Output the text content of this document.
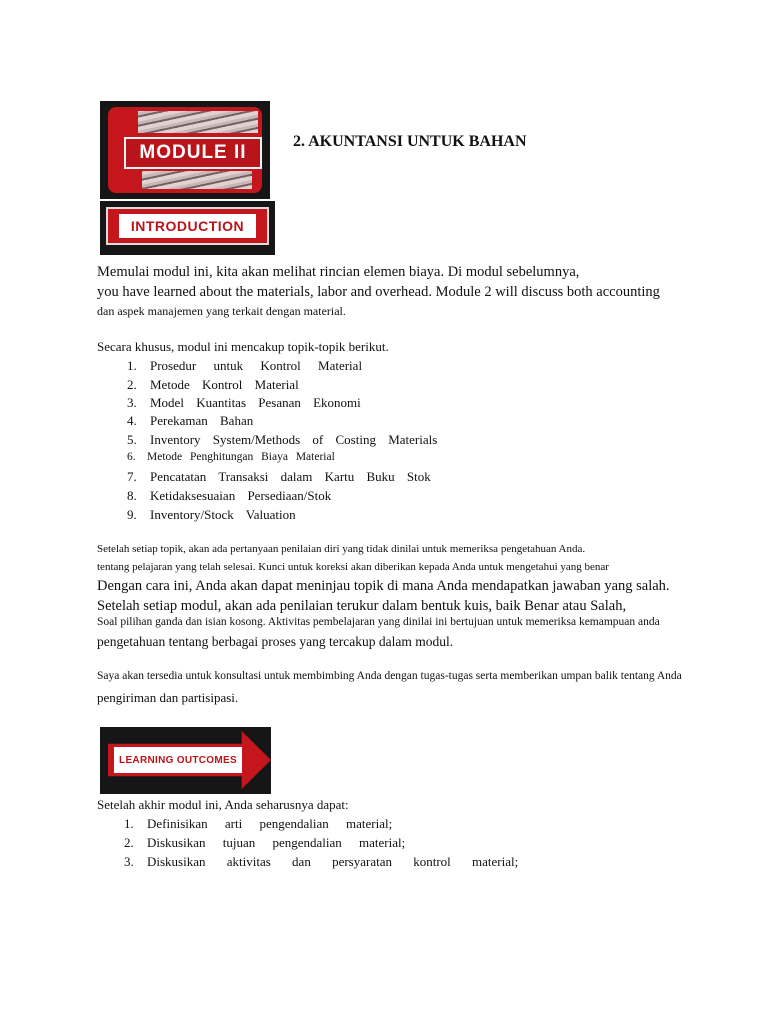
MODULE II
INTRODUCTION
2. AKUNTANSI UNTUK BAHAN
Memulai modul ini, kita akan melihat rincian elemen biaya. Di modul sebelumnya,
you have learned about the materials, labor and overhead. Module 2 will discuss both accounting
dan aspek manajemen yang terkait dengan material.
Secara khusus, modul ini mencakup topik-topik berikut.
1. Prosedur untuk Kontrol Material
2. Metode Kontrol Material
3. Model Kuantitas Pesanan Ekonomi
4. Perekaman Bahan
5. Inventory System/Methods of Costing Materials
6. Metode Penghitungan Biaya Material
7. Pencatatan Transaksi dalam Kartu Buku Stok
8. Ketidaksesuaian Persediaan/Stok
9. Inventory/Stock Valuation
Setelah setiap topik, akan ada pertanyaan penilaian diri yang tidak dinilai untuk memeriksa pengetahuan Anda.
tentang pelajaran yang telah selesai. Kunci untuk koreksi akan diberikan kepada Anda untuk mengetahui yang benar
Dengan cara ini, Anda akan dapat meninjau topik di mana Anda mendapatkan jawaban yang salah.
Setelah setiap modul, akan ada penilaian terukur dalam bentuk kuis, baik Benar atau Salah,
Soal pilihan ganda dan isian kosong. Aktivitas pembelajaran yang dinilai ini bertujuan untuk memeriksa kemampuan anda
pengetahuan tentang berbagai proses yang tercakup dalam modul.
Saya akan tersedia untuk konsultasi untuk membimbing Anda dengan tugas-tugas serta memberikan umpan balik tentang Anda
pengiriman dan partisipasi.
LEARNING OUTCOMES
Setelah akhir modul ini, Anda seharusnya dapat:
1. Definisikan arti pengendalian material;
2. Diskusikan tujuan pengendalian material;
3. Diskusikan aktivitas dan persyaratan kontrol material;
